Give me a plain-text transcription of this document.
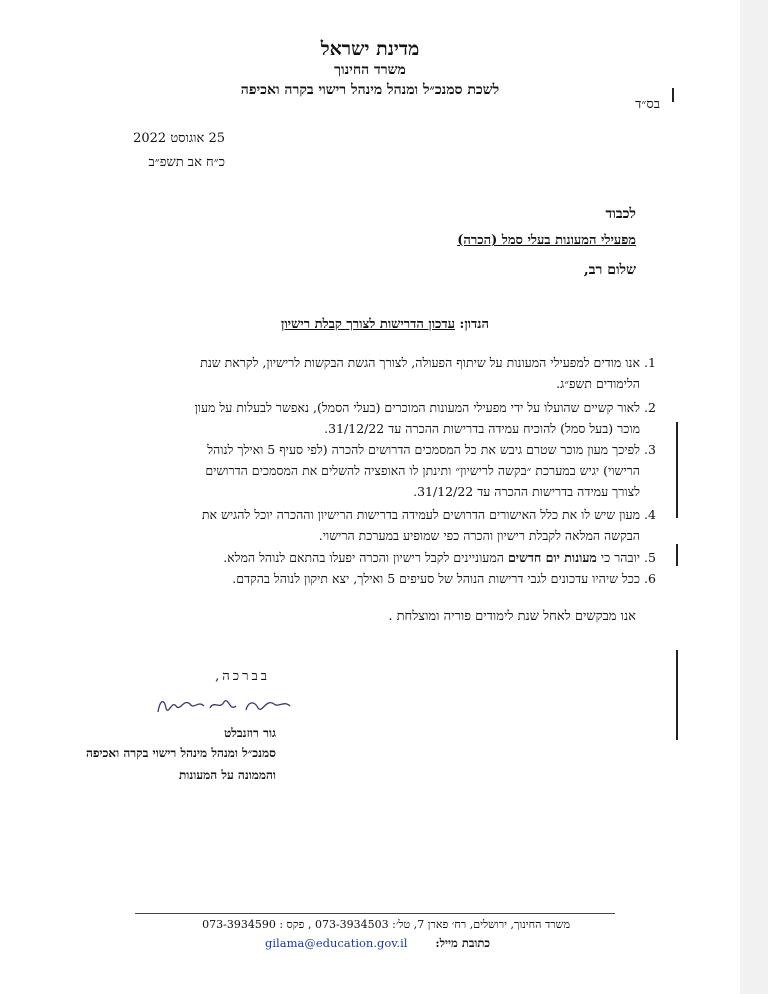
מדינת ישראל
משרד החינוך
לשכת סמנכ״ל ומנהל מינהל רישוי בקרה ואכיפה
בס״ד
25 אוגוסט 2022
כ״ח אב תשפ״ב
לכבוד
מפעילי המעונות בעלי סמל (הכרה)
שלום רב,
הנדון: עדכון הדרישות לצורך קבלת רישיון
1.
אנו מודים למפעילי המעונות על שיתוף הפעולה, לצורך הגשת הבקשות לרישיון, לקראת שנת
הלימודים תשפ״ג.
2.
לאור קשיים שהועלו על ידי מפעילי המעונות המוכרים (בעלי הסמל), נאפשר לבעלות על מעון
מוכר (בעל סמל) להוכיח עמידה בדרישות ההכרה עד 31/12/22.
3.
לפיכך מעון מוכר שטרם גיבש את כל המסמכים הדרושים להכרה (לפי סעיף 5 ואילך לנוהל
הרישוי) יגיש במערכת ״בקשה לרישיון״ ותינתן לו האופציה להשלים את המסמכים הדרושים
לצורך עמידה בדרישות ההכרה עד 31/12/22.
4.
מעון שיש לו את כלל האישורים הדרושים לעמידה בדרישות הרישיון וההכרה יוכל להגיש את
הבקשה המלאה לקבלת רישיון והכרה כפי שמופיע במערכת הרישוי.
5.
יובהר כי מעונות יום חדשים המעוניינים לקבל רישיון והכרה יפעלו בהתאם לנוהל המלא.
6.
ככל שיהיו עדכונים לגבי דרישות הנוהל של סעיפים 5 ואילך, יצא תיקון לנוהל בהקדם.
אנו מבקשים לאחל שנת לימודים פוריה ומוצלחת .
בברכה,
גור רוזנבלט
סמנכ״ל ומנהל מינהל רישוי בקרה ואכיפה
והממונה על המעונות
משרד החינוך, ירושלים, רח׳ פארן 7, טל׳: 073-3934503 , פקס : 073-3934590
כתובת מייל:
gilama@education.gov.il
